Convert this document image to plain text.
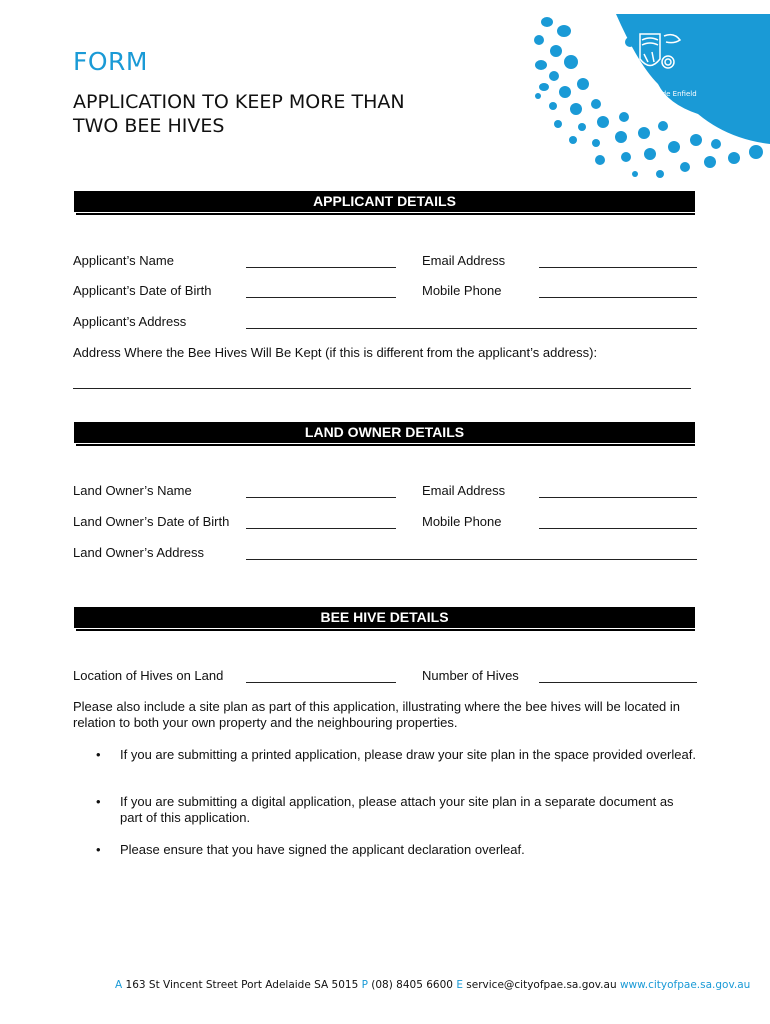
FORM
APPLICATION TO KEEP MORE THAN
TWO BEE HIVES
CITY OF
Port Adelaide Enfield
APPLICANT DETAILS
Applicant’s Name	Email Address
Applicant’s Date of Birth	Mobile Phone
Applicant’s Address
Address Where the Bee Hives Will Be Kept (if this is different from the applicant’s address):
LAND OWNER DETAILS
Land Owner’s Name	Email Address
Land Owner’s Date of Birth	Mobile Phone
Land Owner’s Address
BEE HIVE DETAILS
Location of Hives on Land	Number of Hives
Please also include a site plan as part of this application, illustrating where the bee hives will be located in relation to both your own property and the neighbouring properties.
•	If you are submitting a printed application, please draw your site plan in the space provided overleaf.
•	If you are submitting a digital application, please attach your site plan in a separate document as part of this application.
•	Please ensure that you have signed the applicant declaration overleaf.
A 163 St Vincent Street Port Adelaide SA 5015 P (08) 8405 6600 E service@cityofpae.sa.gov.au www.cityofpae.sa.gov.au
